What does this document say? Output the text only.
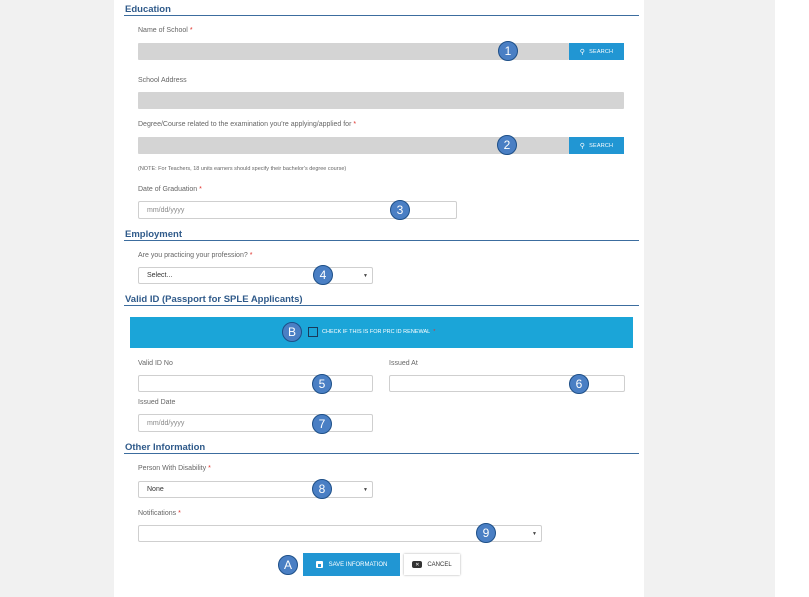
Education
Name of School *
⚲ SEARCH
1
School Address
Degree/Course related to the examination you're applying/applied for *
⚲ SEARCH
2
(NOTE: For Teachers, 18 units earners should specify their bachelor's degree course)
Date of Graduation *
mm/dd/yyyy	3
Employment
Are you practicing your profession? *
Select...	▼
4
Valid ID (Passport for SPLE Applicants)
CHECK IF THIS IS FOR PRC ID RENEWAL *
B
Valid ID No
5
Issued At
6
Issued Date
mm/dd/yyyy	7
Other Information
Person With Disability *
None	▼
8
Notifications *
▼
9
A	SAVE INFORMATION	✕	CANCEL
